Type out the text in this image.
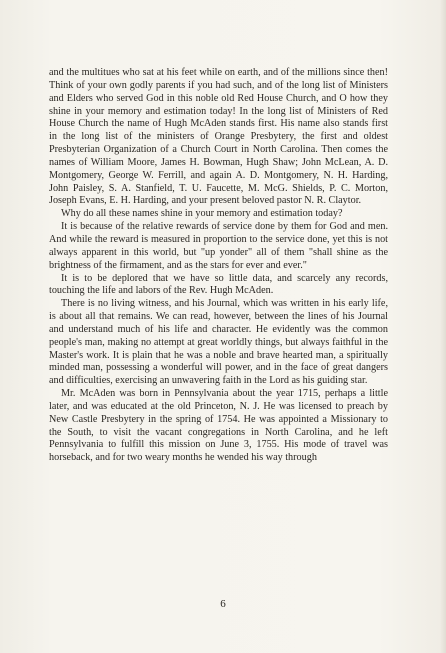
and the multitues who sat at his feet while on earth, and of the millions since then! Think of your own godly parents if you had such, and of the long list of Ministers and Elders who served God in this noble old Red House Church, and O how they shine in your memory and estimation today! In the long list of Ministers of Red House Church the name of Hugh McAden stands first. His name also stands first in the long list of the ministers of Orange Presbytery, the first and oldest Presbyterian Organization of a Church Court in North Carolina. Then comes the names of William Moore, James H. Bowman, Hugh Shaw; John McLean, A. D. Montgomery, George W. Ferrill, and again A. D. Montgomery, N. H. Harding, John Paisley, S. A. Stanfield, T. U. Faucette, M. McG. Shields, P. C. Morton, Joseph Evans, E. H. Harding, and your present beloved pastor N. R. Claytor.

Why do all these names shine in your memory and estimation today?

It is because of the relative rewards of service done by them for God and men. And while the reward is measured in proportion to the service done, yet this is not always apparent in this world, but "up yonder" all of them "shall shine as the brightness of the firmament, and as the stars for ever and ever."

It is to be deplored that we have so little data, and scarcely any records, touching the life and labors of the Rev. Hugh McAden.

There is no living witness, and his Journal, which was written in his early life, is about all that remains. We can read, however, between the lines of his Journal and understand much of his life and character. He evidently was the common people's man, making no attempt at great worldly things, but always faithful in the Master's work. It is plain that he was a noble and brave hearted man, a spiritually minded man, possessing a wonderful will power, and in the face of great dangers and difficulties, exercising an unwavering faith in the Lord as his guiding star.

Mr. McAden was born in Pennsylvania about the year 1715, perhaps a little later, and was educated at the old Princeton, N. J. He was licensed to preach by New Castle Presbytery in the spring of 1754. He was appointed a Missionary to the South, to visit the vacant congregations in North Carolina, and he left Pennsylvania to fulfill this mission on June 3, 1755. His mode of travel was horseback, and for two weary months he wended his way through

6
